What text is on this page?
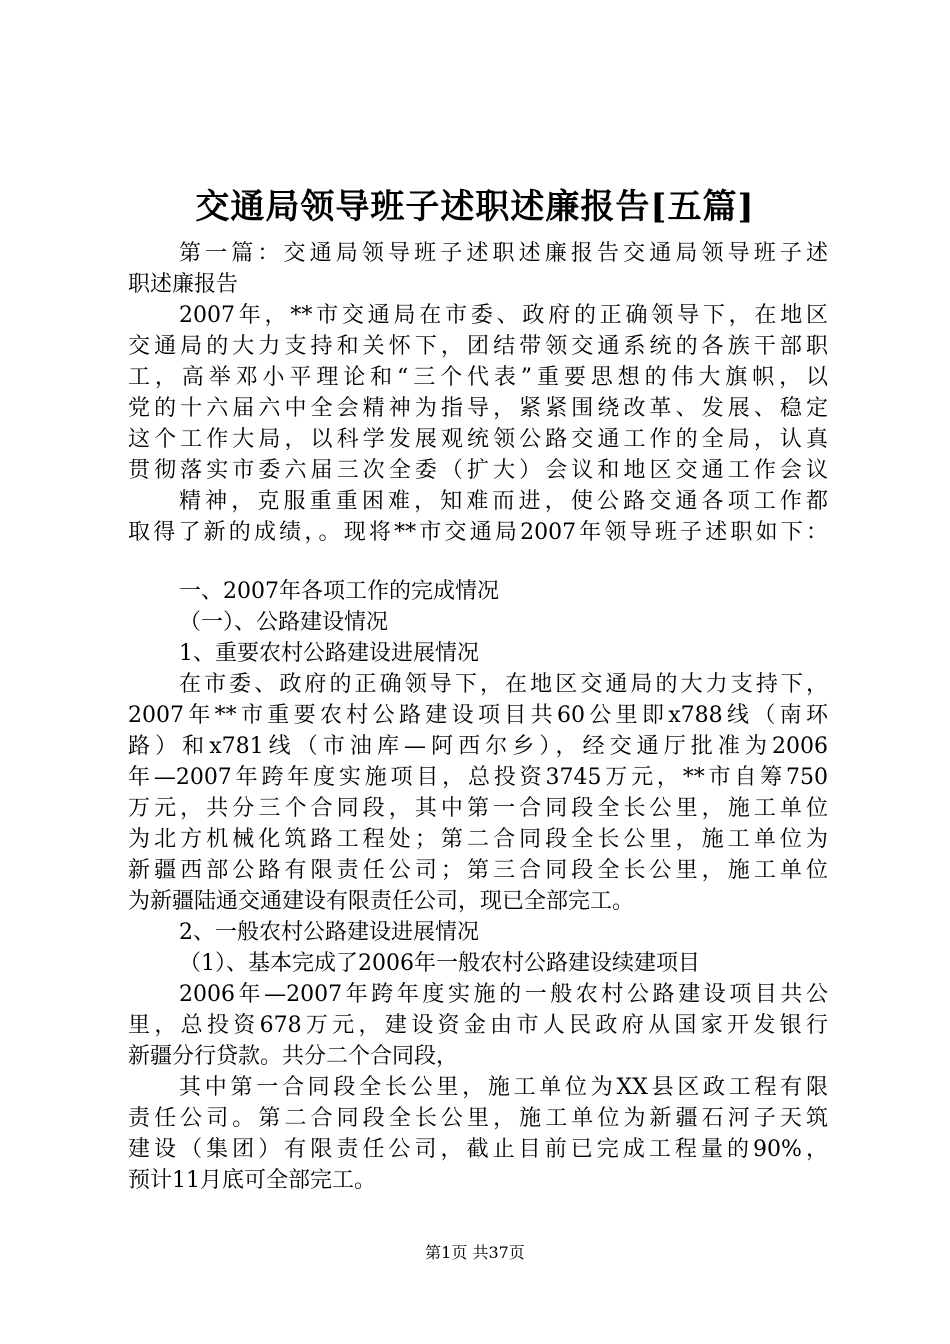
交通局领导班子述职述廉报告[五篇]
第一篇：交通局领导班子述职述廉报告交通局领导班子述
职述廉报告
2007年，**市交通局在市委、政府的正确领导下，在地区
交通局的大力支持和关怀下，团结带领交通系统的各族干部职
工，高举邓小平理论和“三个代表”重要思想的伟大旗帜，以
党的十六届六中全会精神为指导，紧紧围绕改革、发展、稳定
这个工作大局，以科学发展观统领公路交通工作的全局，认真
贯彻落实市委六届三次全委（扩大）会议和地区交通工作会议
精神，克服重重困难，知难而进，使公路交通各项工作都
取得了新的成绩，。现将**市交通局2007年领导班子述职如下：
一、2007年各项工作的完成情况
（一）、公路建设情况
1、重要农村公路建设进展情况
在市委、政府的正确领导下，在地区交通局的大力支持下，
2007年**市重要农村公路建设项目共60公里即x788线（南环
路）和x781线（市油库—阿西尔乡），经交通厅批准为2006
年—2007年跨年度实施项目，总投资3745万元，**市自筹750
万元，共分三个合同段，其中第一合同段全长公里，施工单位
为北方机械化筑路工程处；第二合同段全长公里，施工单位为
新疆西部公路有限责任公司；第三合同段全长公里，施工单位
为新疆陆通交通建设有限责任公司，现已全部完工。
2、一般农村公路建设进展情况
（1）、基本完成了2006年一般农村公路建设续建项目
2006年—2007年跨年度实施的一般农村公路建设项目共公
里，总投资678万元，建设资金由市人民政府从国家开发银行
新疆分行贷款。共分二个合同段，
其中第一合同段全长公里，施工单位为XX县区政工程有限
责任公司。第二合同段全长公里，施工单位为新疆石河子天筑
建设（集团）有限责任公司，截止目前已完成工程量的90%，
预计11月底可全部完工。
第1页 共37页
